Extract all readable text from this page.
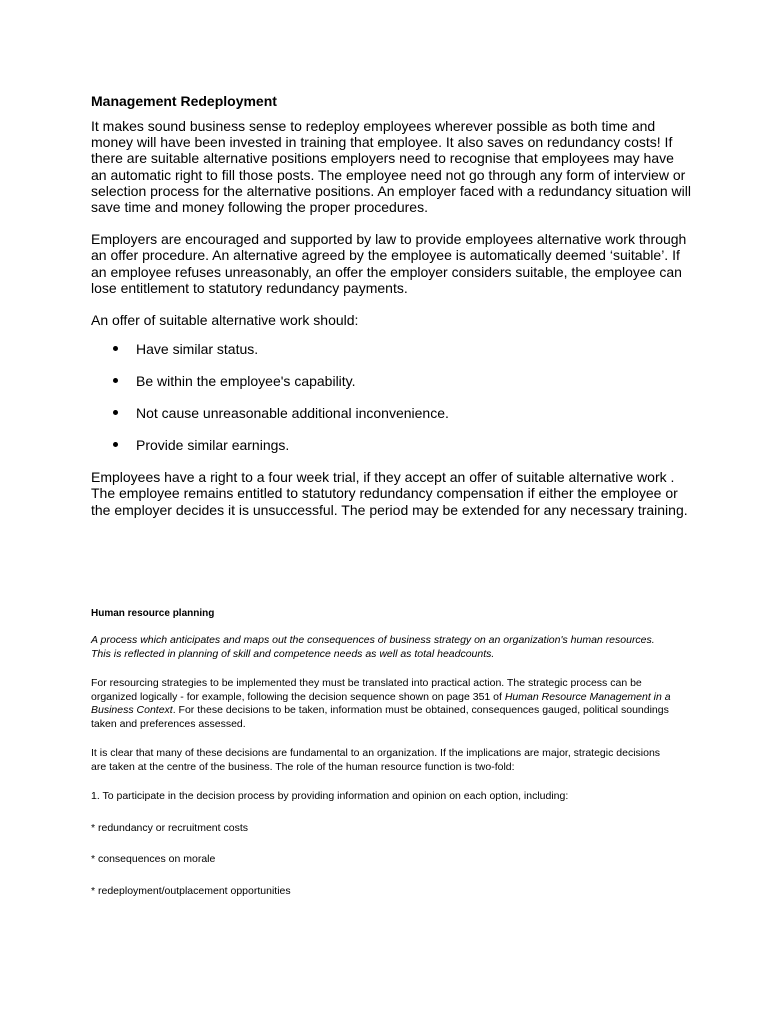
Management Redeployment

It makes sound business sense to redeploy employees wherever possible as both time and money will have been invested in training that employee. It also saves on redundancy costs! If there are suitable alternative positions employers need to recognise that employees may have an automatic right to fill those posts. The employee need not go through any form of interview or selection process for the alternative positions. An employer faced with a redundancy situation will save time and money following the proper procedures.

Employers are encouraged and supported by law to provide employees alternative work through an offer procedure. An alternative agreed by the employee is automatically deemed ‘suitable’. If an employee refuses unreasonably, an offer the employer considers suitable, the employee can lose entitlement to statutory redundancy payments.

An offer of suitable alternative work should:

Have similar status.
Be within the employee's capability.
Not cause unreasonable additional inconvenience.
Provide similar earnings.

Employees have a right to a four week trial, if they accept an offer of suitable alternative work . The employee remains entitled to statutory redundancy compensation if either the employee or the employer decides it is unsuccessful. The period may be extended for any necessary training.

Human resource planning

A process which anticipates and maps out the consequences of business strategy on an organization's human resources. This is reflected in planning of skill and competence needs as well as total headcounts.

For resourcing strategies to be implemented they must be translated into practical action. The strategic process can be organized logically - for example, following the decision sequence shown on page 351 of Human Resource Management in a Business Context. For these decisions to be taken, information must be obtained, consequences gauged, political soundings taken and preferences assessed.

It is clear that many of these decisions are fundamental to an organization. If the implications are major, strategic decisions are taken at the centre of the business. The role of the human resource function is two-fold:

1. To participate in the decision process by providing information and opinion on each option, including:

* redundancy or recruitment costs

* consequences on morale

* redeployment/outplacement opportunities
